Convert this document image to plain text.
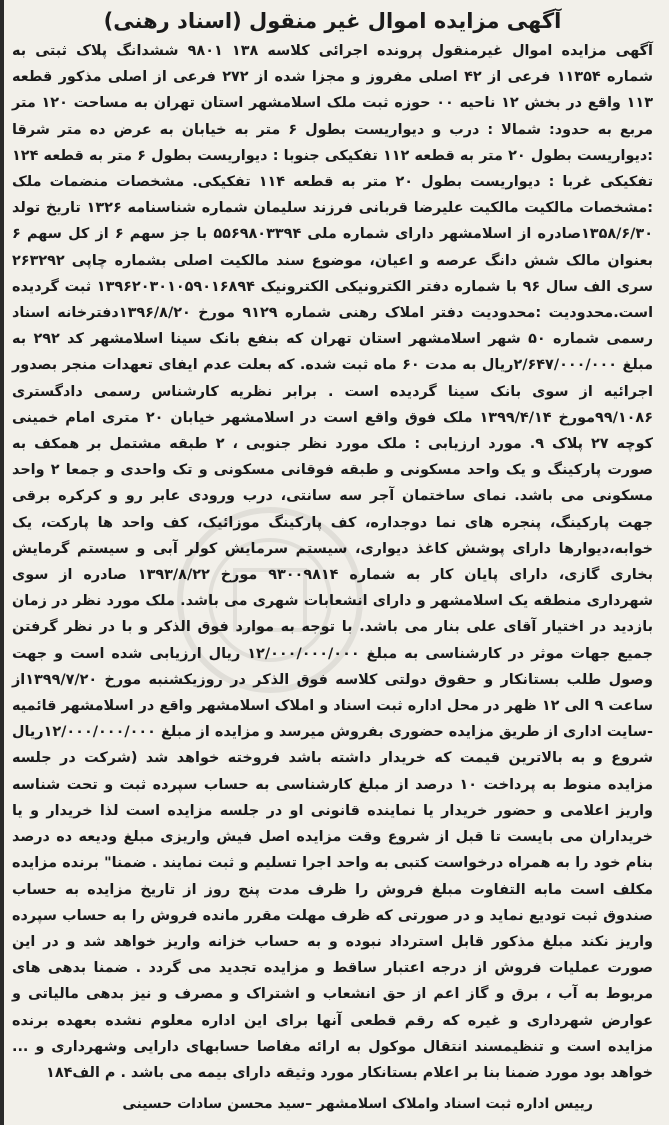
آگهی مزایده اموال غیر منقول (اسناد رهنی)

آگهی مزایده اموال غیرمنقول پرونده اجرائی کلاسه ۱۳۸ ۹۸۰۱ ششدانگ پلاک ثبتی به شماره ۱۱۳۵۴ فرعی از ۴۲ اصلی مفروز و مجزا شده از ۲۷۲ فرعی از اصلی مذکور قطعه ۱۱۳ واقع در بخش ۱۲ ناحیه ۰۰ حوزه ثبت ملک اسلامشهر استان تهران به مساحت ۱۲۰ متر مربع به حدود: شمالا : درب و دیواریست بطول ۶ متر به خیابان به عرض ده متر شرقا :دیواریست بطول ۲۰ متر به قطعه ۱۱۲ تفکیکی جنوبا : دیواریست بطول ۶ متر به قطعه ۱۲۴ تفکیکی غربا : دیواریست بطول ۲۰ متر به قطعه ۱۱۴ تفکیکی. مشخصات منضمات ملک :مشخصات مالکیت مالکیت علیرضا قربانی فرزند سلیمان شماره شناسنامه ۱۳۲۶ تاریخ تولد ۱۳۵۸/۶/۳۰صادره از اسلامشهر دارای شماره ملی ۵۵۶۹۸۰۳۳۹۴ با جز سهم ۶ از کل سهم ۶ بعنوان مالک شش دانگ عرصه و اعیان، موضوع سند مالکیت اصلی بشماره چاپی ۲۶۳۲۹۲ سری الف سال ۹۶ با شماره دفتر الکترونیکی الکترونیک ۱۳۹۶۲۰۳۰۱۰۵۹۰۱۶۸۹۴ ثبت گردیده است.محدودیت :محدودیت دفتر املاک رهنی شماره ۹۱۲۹ مورخ ۱۳۹۶/۸/۲۰دفترخانه اسناد رسمی شماره ۵۰ شهر اسلامشهر استان تهران که بنفع بانک سینا اسلامشهر کد ۲۹۲ به مبلغ ۲/۶۴۷/۰۰۰/۰۰۰ریال به مدت ۶۰ ماه ثبت شده. که بعلت عدم ایفای تعهدات منجر بصدور اجرائیه از سوی بانک سینا گردیده است . برابر نظریه کارشناس رسمی دادگستری ۹۹/۱۰۸۶مورخ ۱۳۹۹/۴/۱۴ ملک فوق واقع است در اسلامشهر خیابان ۲۰ متری امام خمینی کوچه ۲۷ پلاک ۹. مورد ارزیابی : ملک مورد نظر جنوبی ، ۲ طبقه مشتمل بر همکف به صورت پارکینگ و یک واحد مسکونی و طبقه فوقانی مسکونی و تک واحدی و جمعا ۲ واحد مسکونی می باشد. نمای ساختمان آجر سه سانتی، درب ورودی عابر رو و کرکره برقی جهت پارکینگ، پنجره های نما دوجداره، کف پارکینگ موزائیک، کف واحد ها پارکت، یک خوابه،دیوارها دارای پوشش کاغذ دیواری، سیستم سرمایش کولر آبی و سیستم گرمایش بخاری گازی، دارای پایان کار به شماره ۹۳۰۰۹۸۱۴ مورخ ۱۳۹۳/۸/۲۲ صادره از سوی شهرداری منطقه یک اسلامشهر و دارای انشعابات شهری می باشد. ملک مورد نظر در زمان بازدید در اختیار آقای علی بنار می باشد. با توجه به موارد فوق الذکر و با در نظر گرفتن جمیع جهات موثر در کارشناسی به مبلغ ۱۲/۰۰۰/۰۰۰/۰۰۰ ریال ارزیابی شده است و جهت وصول طلب بستانکار و حقوق دولتی کلاسه فوق الذکر در روزیکشنبه مورخ ۱۳۹۹/۷/۲۰از ساعت ۹ الی ۱۲ ظهر در محل اداره ثبت اسناد و املاک اسلامشهر واقع در اسلامشهر قائمیه -سایت اداری از طریق مزایده حضوری بفروش میرسد و مزایده از مبلغ ۱۲/۰۰۰/۰۰۰/۰۰۰ریال شروع و به بالاترین قیمت که خریدار داشته باشد فروخته خواهد شد (شرکت در جلسه مزایده منوط به پرداخت ۱۰ درصد از مبلغ کارشناسی به حساب سپرده ثبت و تحت شناسه واریز اعلامی و حضور خریدار یا نماینده قانونی او در جلسه مزایده است لذا خریدار و یا خریداران می بایست تا قبل از شروع وقت مزایده اصل فیش واریزی مبلغ ودیعه ده درصد بنام خود را به همراه درخواست کتبی به واحد اجرا تسلیم و ثبت نمایند . ضمنا" برنده مزایده مکلف است مابه التفاوت مبلغ فروش را ظرف مدت پنج روز از تاریخ مزایده به حساب صندوق ثبت تودیع نماید و در صورتی که ظرف مهلت مقرر مانده فروش را به حساب سپرده واریز نکند مبلغ مذکور قابل استرداد نبوده و به حساب خزانه واریز خواهد شد و در این صورت عملیات فروش از درجه اعتبار ساقط و مزایده تجدید می گردد . ضمنا بدهی های مربوط به آب ، برق و گاز اعم از حق انشعاب و اشتراک و مصرف و نیز بدهی مالیاتی و عوارض شهرداری و غیره که رقم قطعی آنها برای این اداره معلوم نشده بعهده برنده مزایده است و تنظیمسند انتقال موکول به ارائه مفاصا حسابهای دارایی وشهرداری و ... خواهد بود مورد ضمنا بنا بر اعلام بستانکار مورد وثیقه دارای بیمه می باشد . م الف۱۸۴

رییس اداره ثبت اسناد واملاک اسلامشهر –سید محسن سادات حسینی
